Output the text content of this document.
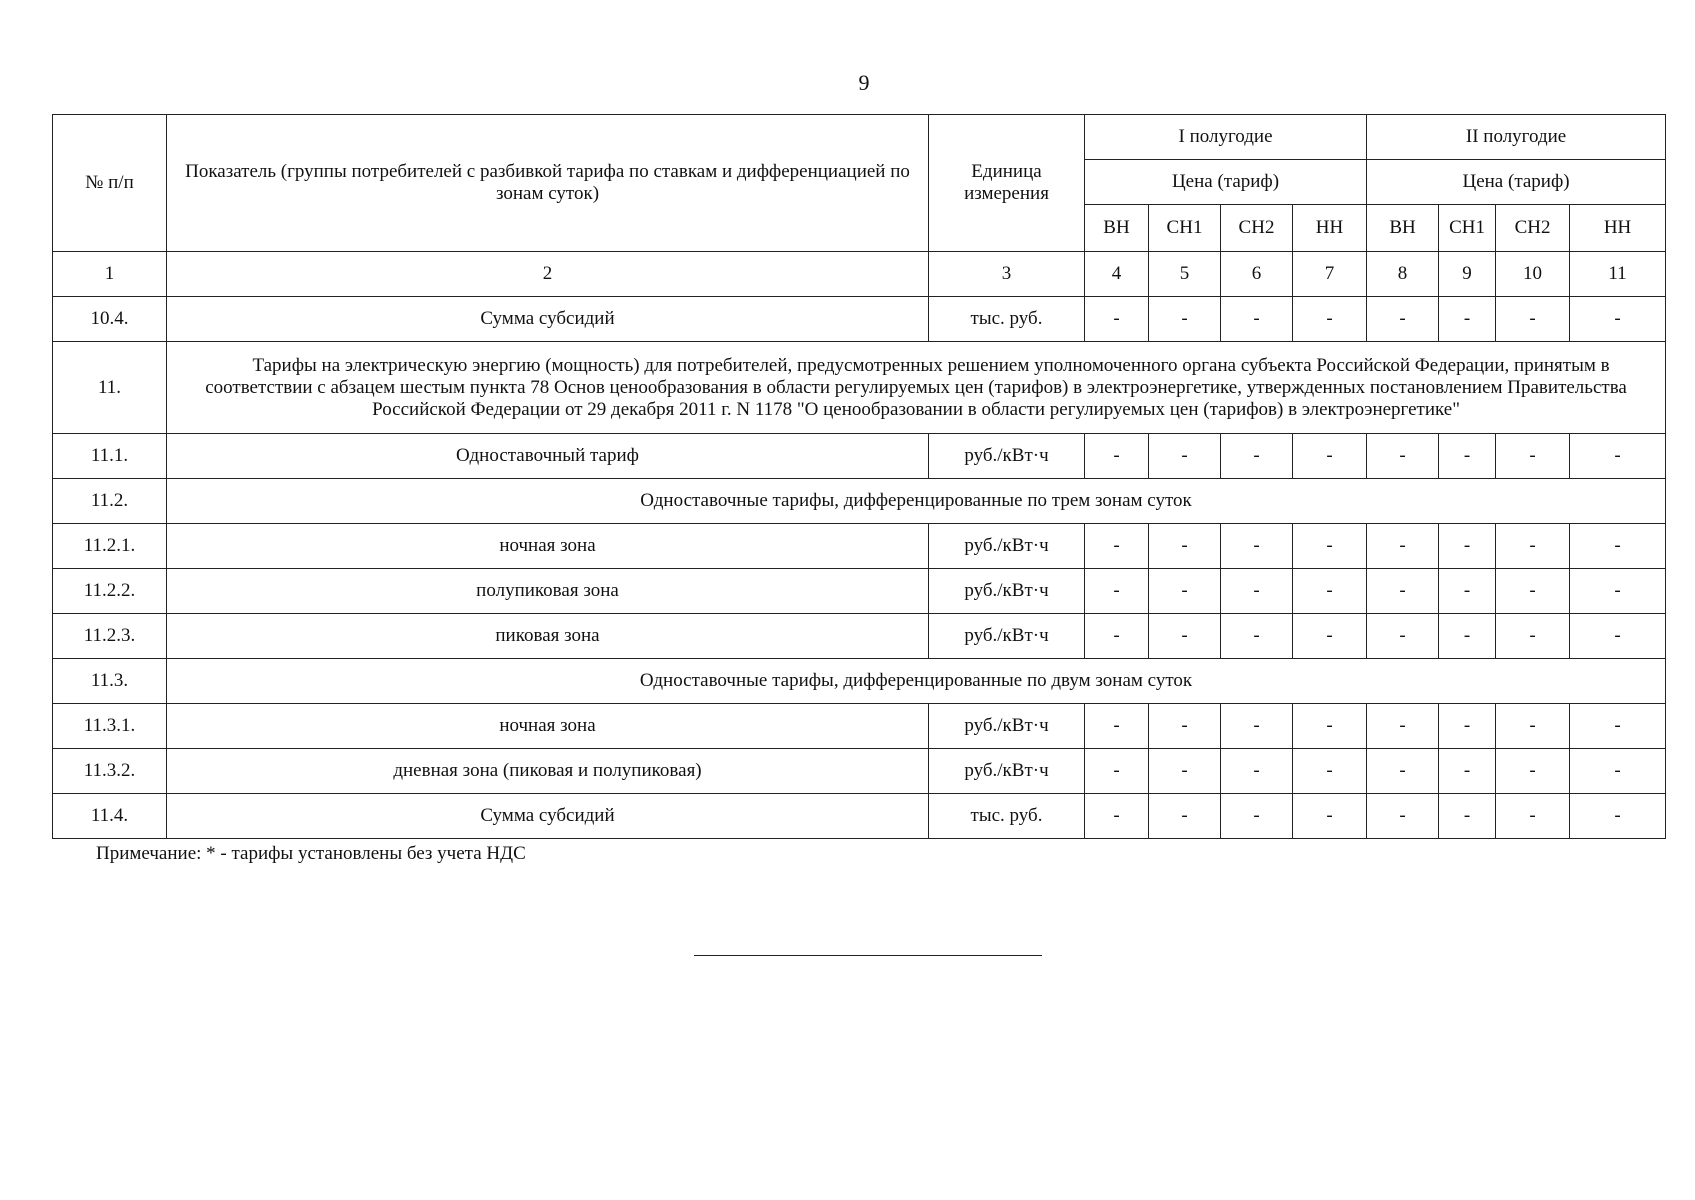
9
№ п/п	Показатель (группы потребителей с разбивкой тарифа по ставкам и дифференциацией по зонам суток)	Единица измерения	I полугодие				II полугодие			
			Цена (тариф)				Цена (тариф)			
			ВН	СН1	СН2	НН	ВН	СН1	СН2	НН
1	2	3	4	5	6	7	8	9	10	11
10.4.	Сумма субсидий	тыс. руб.	-	-	-	-	-	-	-	-
11.	Тарифы на электрическую энергию (мощность) для потребителей, предусмотренных решением уполномоченного органа субъекта Российской Федерации, принятым в соответствии с абзацем шестым пункта 78 Основ ценообразования в области регулируемых цен (тарифов) в электроэнергетике, утвержденных постановлением Правительства Российской Федерации от 29 декабря 2011 г. N 1178 "О ценообразовании в области регулируемых цен (тарифов) в электроэнергетике"									
11.1.	Одноставочный тариф	руб./кВт·ч	-	-	-	-	-	-	-	-
11.2.	Одноставочные тарифы, дифференцированные по трем зонам суток									
11.2.1.	ночная зона	руб./кВт·ч	-	-	-	-	-	-	-	-
11.2.2.	полупиковая зона	руб./кВт·ч	-	-	-	-	-	-	-	-
11.2.3.	пиковая зона	руб./кВт·ч	-	-	-	-	-	-	-	-
11.3.	Одноставочные тарифы, дифференцированные по двум зонам суток									
11.3.1.	ночная зона	руб./кВт·ч	-	-	-	-	-	-	-	-
11.3.2.	дневная зона (пиковая и полупиковая)	руб./кВт·ч	-	-	-	-	-	-	-	-
11.4.	Сумма субсидий	тыс. руб.	-	-	-	-	-	-	-	-
Примечание: * - тарифы установлены без учета НДС
